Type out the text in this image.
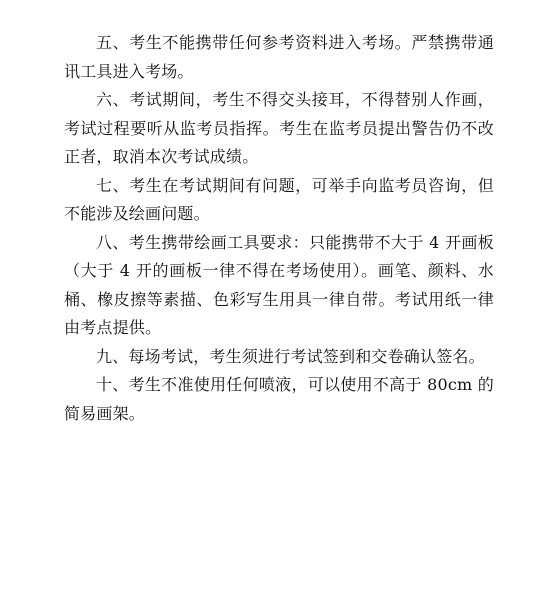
五、考生不能携带任何参考资料进入考场。严禁携带通讯工具进入考场。

六、考试期间，考生不得交头接耳，不得替别人作画，考试过程要听从监考员指挥。考生在监考员提出警告仍不改正者，取消本次考试成绩。

七、考生在考试期间有问题，可举手向监考员咨询，但不能涉及绘画问题。

八、考生携带绘画工具要求：只能携带不大于 4 开画板（大于 4 开的画板一律不得在考场使用）。画笔、颜料、水桶、橡皮擦等素描、色彩写生用具一律自带。考试用纸一律由考点提供。

九、每场考试，考生须进行考试签到和交卷确认签名。

十、考生不准使用任何喷液，可以使用不高于 80cm 的简易画架。
